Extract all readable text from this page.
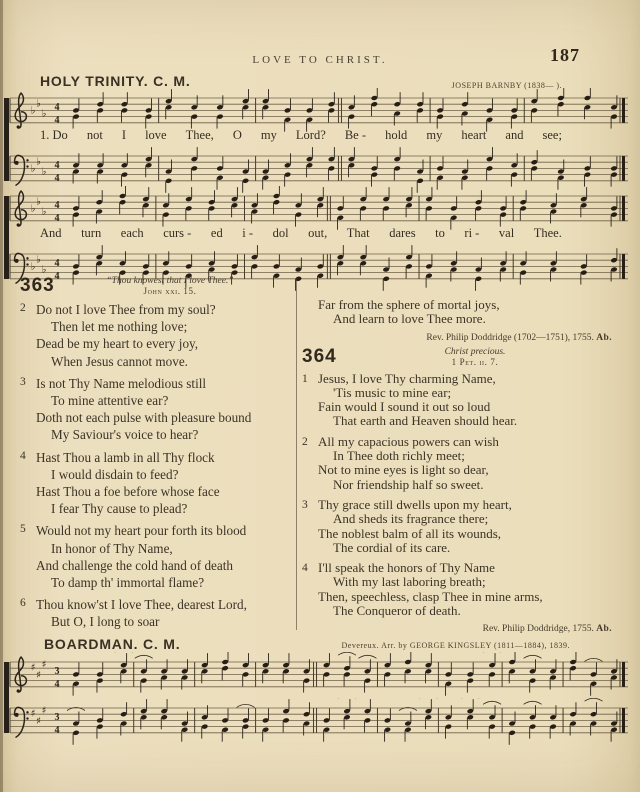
LOVE TO CHRIST.	187
HOLY TRINITY. C. M.	JOSEPH BARNBY (1838— ).
♭
♭
♭
4
4
1. Do not I love Thee, O my Lord? Be - hold my heart and see;
♭
♭
♭
4
4
♭
♭
♭
4
4
And turn each curs - ed i - dol out, That dares to ri - val Thee.
♭
♭
♭
4
4
363	“Thou knowest that I love Thee.”
John xxi. 15.
2 Do not I love Thee from my soul?
Then let me nothing love;
Dead be my heart to every joy,
When Jesus cannot move.
3 Is not Thy Name melodious still
To mine attentive ear?
Doth not each pulse with pleasure bound
My Saviour's voice to hear?
4 Hast Thou a lamb in all Thy flock
I would disdain to feed?
Hast Thou a foe before whose face
I fear Thy cause to plead?
5 Would not my heart pour forth its blood
In honor of Thy Name,
And challenge the cold hand of death
To damp th' immortal flame?
6 Thou know'st I love Thee, dearest Lord,
But O, I long to soar
Far from the sphere of mortal joys,
And learn to love Thee more.
Rev. Philip Doddridge (1702—1751), 1755. Ab.
364	Christ precious.
1 Pet. ii. 7.
1 Jesus, I love Thy charming Name,
'Tis music to mine ear;
Fain would I sound it out so loud
That earth and Heaven should hear.
2 All my capacious powers can wish
In Thee doth richly meet;
Not to mine eyes is light so dear,
Nor friendship half so sweet.
3 Thy grace still dwells upon my heart,
And sheds its fragrance there;
The noblest balm of all its wounds,
The cordial of its care.
4 I'll speak the honors of Thy Name
With my last laboring breath;
Then, speechless, clasp Thee in mine arms,
The Conqueror of death.
Rev. Philip Doddridge, 1755. Ab.
BOARDMAN. C. M.	Devereux. Arr. by GEORGE KINGSLEY (1811—1884), 1839.
♯
♯
♯
3
4
♯
♯
♯
3
4
